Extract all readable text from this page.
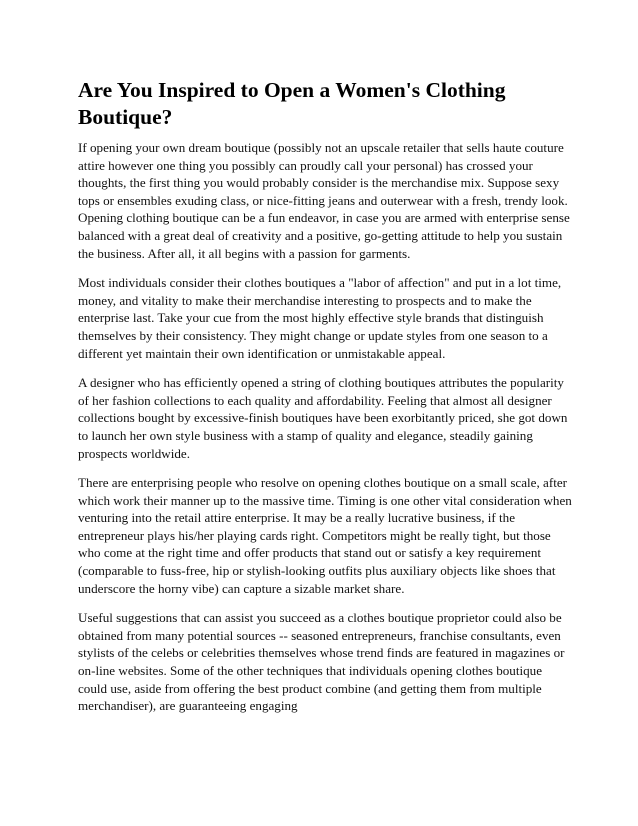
Are You Inspired to Open a Women's Clothing Boutique?

If opening your own dream boutique (possibly not an upscale retailer that sells haute couture attire however one thing you possibly can proudly call your personal) has crossed your thoughts, the first thing you would probably consider is the merchandise mix. Suppose sexy tops or ensembles exuding class, or nice-fitting jeans and outerwear with a fresh, trendy look. Opening clothing boutique can be a fun endeavor, in case you are armed with enterprise sense balanced with a great deal of creativity and a positive, go-getting attitude to help you sustain the business. After all, it all begins with a passion for garments.

Most individuals consider their clothes boutiques a "labor of affection" and put in a lot time, money, and vitality to make their merchandise interesting to prospects and to make the enterprise last. Take your cue from the most highly effective style brands that distinguish themselves by their consistency. They might change or update styles from one season to a different yet maintain their own identification or unmistakable appeal.

A designer who has efficiently opened a string of clothing boutiques attributes the popularity of her fashion collections to each quality and affordability. Feeling that almost all designer collections bought by excessive-finish boutiques have been exorbitantly priced, she got down to launch her own style business with a stamp of quality and elegance, steadily gaining prospects worldwide.

There are enterprising people who resolve on opening clothes boutique on a small scale, after which work their manner up to the massive time. Timing is one other vital consideration when venturing into the retail attire enterprise. It may be a really lucrative business, if the entrepreneur plays his/her playing cards right. Competitors might be really tight, but those who come at the right time and offer products that stand out or satisfy a key requirement (comparable to fuss-free, hip or stylish-looking outfits plus auxiliary objects like shoes that underscore the horny vibe) can capture a sizable market share.

Useful suggestions that can assist you succeed as a clothes boutique proprietor could also be obtained from many potential sources -- seasoned entrepreneurs, franchise consultants, even stylists of the celebs or celebrities themselves whose trend finds are featured in magazines or on-line websites. Some of the other techniques that individuals opening clothes boutique could use, aside from offering the best product combine (and getting them from multiple merchandiser), are guaranteeing engaging
